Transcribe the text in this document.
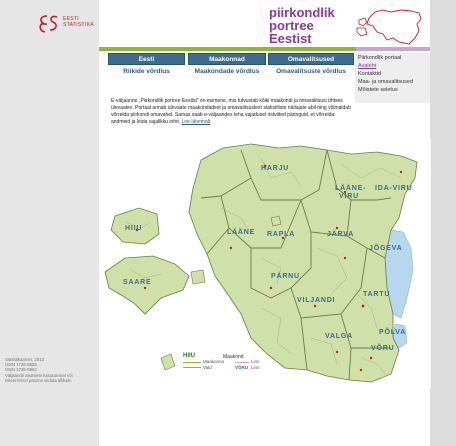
EESTI
STATISTIKA
piirkondlik
portree
Eestist
Eesti	Maakonnad	Omavalitsused
Riikide võrdlus	Maakondade võrdlus	Omavalitsuste võrdlus
Piirkondlik portaal
Avaleht
Kontaktid
Maa- ja omavalitsused
Mõistete seletus
E-väljaanne „Piirkondlik portree Eestist” on esimene, mis tutvustab kõiki maakondi ja omavalitsusi ühtses ülevaates. Portaal annab ülevaate maakondadest ja omavalitsustest statistiliste näitajate abil ning võimaldab võrrelda piirkondi omavahel. Samas saab e-väljaandes teha vajadusel ristviited päringuid, et võrrelda andmeid ja leida vajalikku infot. Loe lähemalt
HARJU
LÄÄNE-
VIRU
IDA-VIRU
HIIU
LÄÄNE RAPLA	JÄRVA
JÕGEVA
SAARE
PÄRNU
VILJANDI
TARTU
PÕLVA
VALGA
VÕRU
HIIU	Maakond
Maakonna
Vald
Linn
VÕRU Linn
Statistikaamet, 2013
ISSN 1736-8855
ISSN 1736-8863
Väljaande andmete kasutamisel või
tsiteerimisel palume viidata allikale.
